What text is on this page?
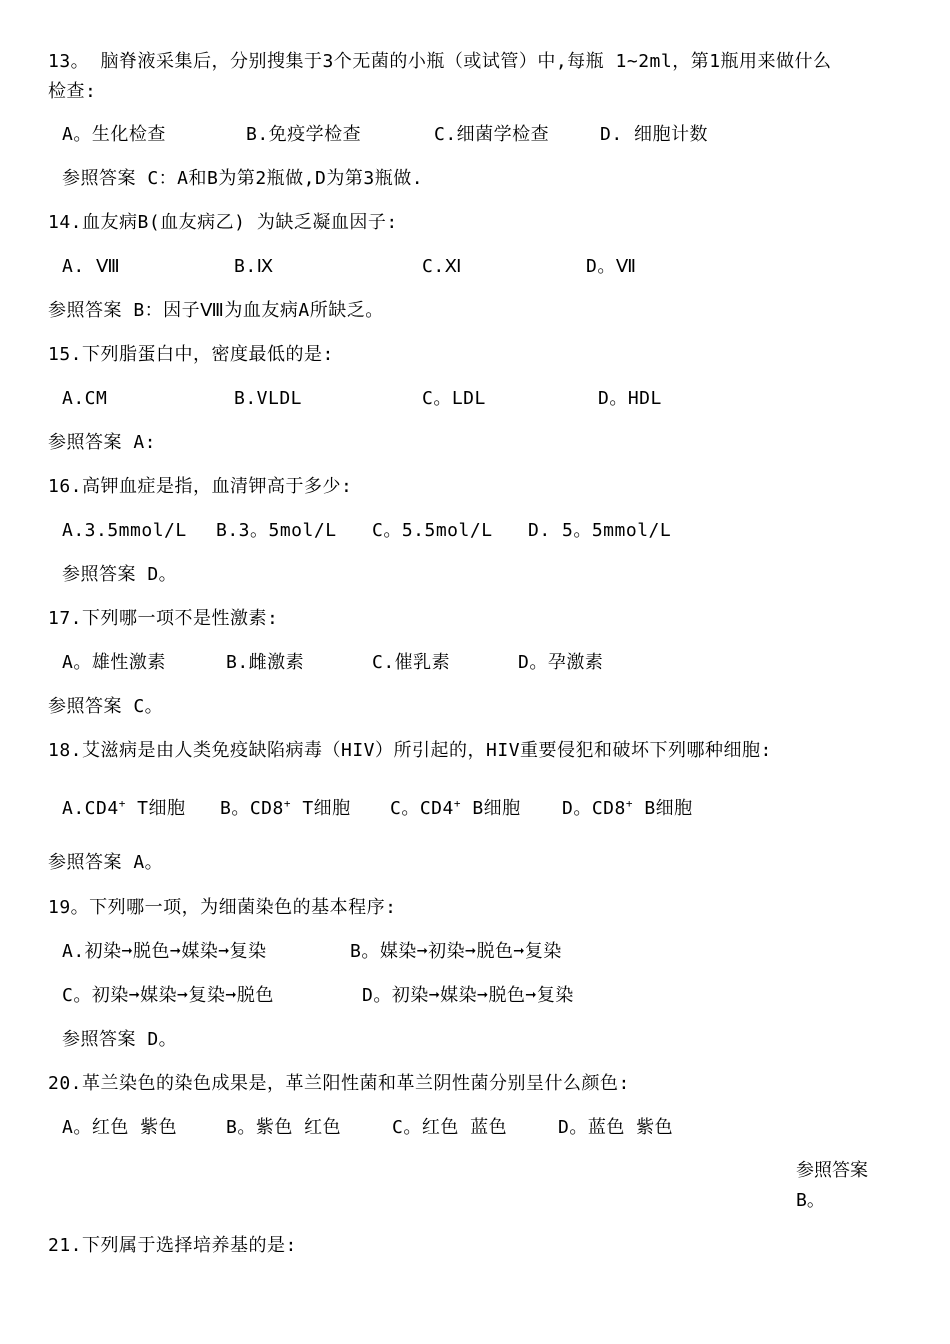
13。 脑脊液采集后，分别搜集于3个无菌的小瓶（或试管）中,每瓶 1~2ml，第1瓶用来做什么
检查:
A。生化检查	B.免疫学检查	C.细菌学检查	D. 细胞计数
参照答案 C：A和B为第2瓶做,D为第3瓶做.
14.血友病B(血友病乙) 为缺乏凝血因子:
A. Ⅷ	B.Ⅸ	C.Ⅺ	D。Ⅶ
参照答案 B：因子Ⅷ为血友病A所缺乏。
15.下列脂蛋白中，密度最低的是:
A.CM	B.VLDL	C。LDL	D。HDL
参照答案 A:
16.高钾血症是指，血清钾高于多少:
A.3.5mmol/L B.3。5mol/L C。5.5mol/L D. 5。5mmol/L
参照答案 D。
17.下列哪一项不是性激素:
A。雄性激素	B.雌激素	C.催乳素	D。孕激素
参照答案 C。
18.艾滋病是由人类免疫缺陷病毒（HIV）所引起的，HIV重要侵犯和破坏下列哪种细胞:
A.CD4+ T细胞 B。CD8+ T细胞 C。CD4+ B细胞 D。CD8+ B细胞
参照答案 A。
19。下列哪一项，为细菌染色的基本程序:
A.初染➞脱色➞媒染➞复染	B。媒染➞初染➞脱色➞复染
C。初染➞媒染➞复染➞脱色	D。初染➞媒染➞脱色➞复染
参照答案 D。
20.革兰染色的染色成果是，革兰阳性菌和革兰阴性菌分别呈什么颜色:
A。红色 紫色	B。紫色 红色	C。红色 蓝色	D。蓝色 紫色
参照答案
B。
21.下列属于选择培养基的是:
